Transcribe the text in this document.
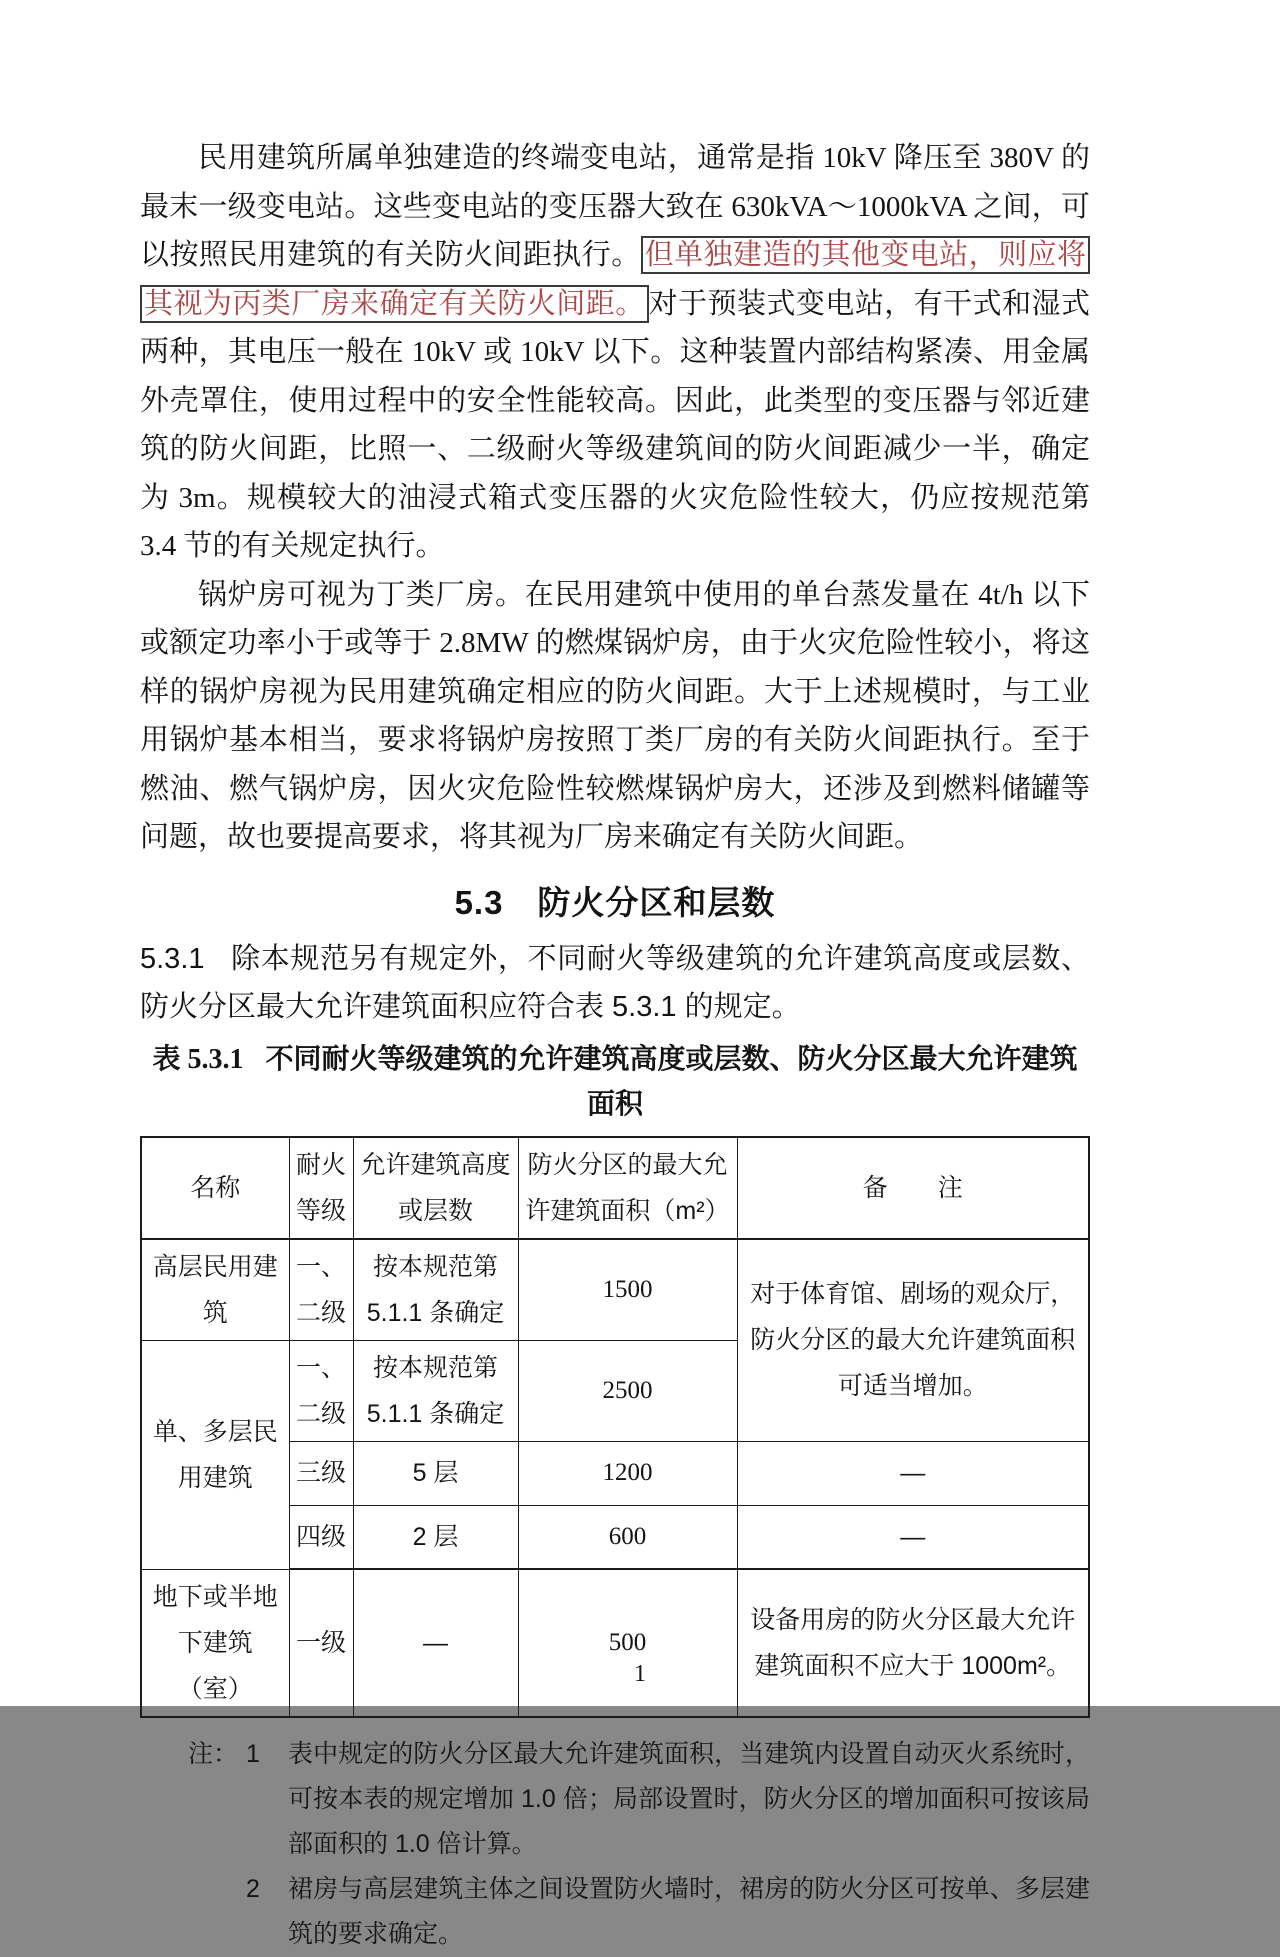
民用建筑所属单独建造的终端变电站，通常是指 10kV 降压至 380V 的最末一级变电站。这些变电站的变压器大致在 630kVA～1000kVA 之间，可以按照民用建筑的有关防火间距执行。 但单独建造的其他变电站，则应将其视为丙类厂房来确定有关防火间距。 对于预装式变电站，有干式和湿式两种，其电压一般在 10kV 或 10kV 以下。这种装置内部结构紧凑、用金属外壳罩住，使用过程中的安全性能较高。因此，此类型的变压器与邻近建筑的防火间距，比照一、二级耐火等级建筑间的防火间距减少一半，确定为 3m。规模较大的油浸式箱式变压器的火灾危险性较大，仍应按规范第 3.4 节的有关规定执行。

锅炉房可视为丁类厂房。在民用建筑中使用的单台蒸发量在 4t/h 以下或额定功率小于或等于 2.8MW 的燃煤锅炉房，由于火灾危险性较小，将这样的锅炉房视为民用建筑确定相应的防火间距。大于上述规模时，与工业用锅炉基本相当，要求将锅炉房按照丁类厂房的有关防火间距执行。至于燃油、燃气锅炉房，因火灾危险性较燃煤锅炉房大，还涉及到燃料储罐等问题，故也要提高要求，将其视为厂房来确定有关防火间距。

5.3　防火分区和层数

5.3.1 除本规范另有规定外，不同耐火等级建筑的允许建筑高度或层数、防火分区最大允许建筑面积应符合表 5.3.1 的规定。

表 5.3.1 不同耐火等级建筑的允许建筑高度或层数、防火分区最大允许建筑面积

名称	耐火等级	允许建筑高度或层数	防火分区的最大允许建筑面积（m²）	备　　注
高层民用建筑	一、二级	按本规范第 5.1.1 条确定	1500	对于体育馆、剧场的观众厅，防火分区的最大允许建筑面积可适当增加。
单、多层民用建筑	一、二级	按本规范第 5.1.1 条确定	2500	
	三级	5 层	1200	—
	四级	2 层	600	—
地下或半地下建筑（室）	一级	—	500	设备用房的防火分区最大允许建筑面积不应大于 1000m²。
注： 1	表中规定的防火分区最大允许建筑面积，当建筑内设置自动灭火系统时，可按本表的规定增加 1.0 倍；局部设置时，防火分区的增加面积可按该局部面积的 1.0 倍计算。
2	裙房与高层建筑主体之间设置防火墙时，裙房的防火分区可按单、多层建筑的要求确定。
1
